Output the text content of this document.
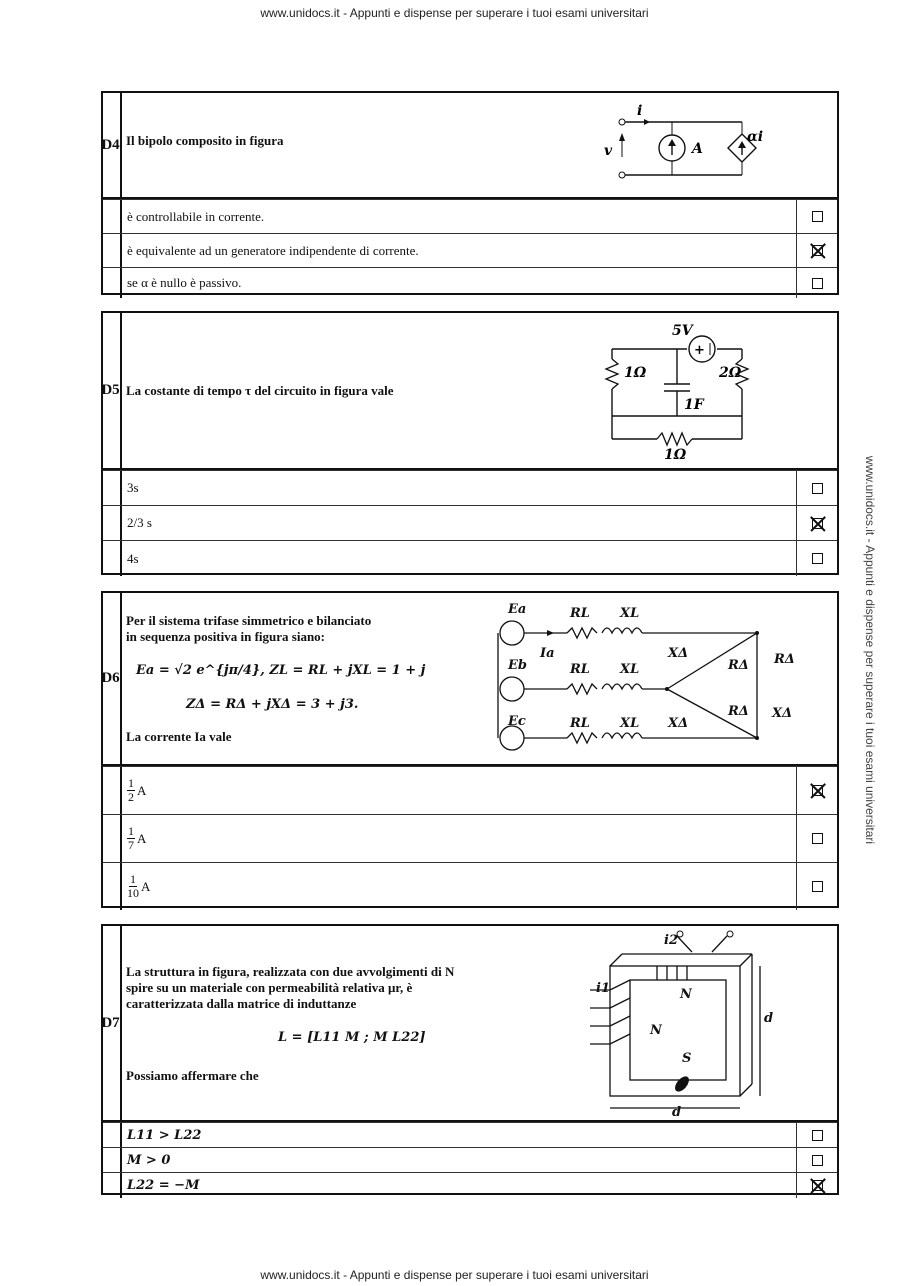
www.unidocs.it - Appunti e dispense per superare i tuoi esami universitari
www.unidocs.it - Appunti e dispense per superare i tuoi esami universitari
D4 Il bipolo composito in figura
i
v	A
αi
è controllabile in corrente.
è equivalente ad un generatore indipendente di corrente.
se α è nullo è passivo.
D5 La costante di tempo τ del circuito in figura vale
+
5V
1Ω	2Ω
1F
1Ω
3s
2/3 s
4s
D6
Per il sistema trifase simmetrico e bilanciato
in sequenza positiva in figura siano:
Ea = √2 e^{jπ/4}, ZL = RL + jXL = 1 + j
ZΔ = RΔ + jXΔ = 3 + j3.
La corrente Ia vale
Ea
Eb
Ec
Ia
RL
RL
RL
XL
XL
XL
XΔ
XΔ
RΔ
RΔ
RΔ
XΔ
$\frac{1}{2}$ A
$\frac{1}{7}$ A
$\frac{1}{10}$ A
D7
La struttura in figura, realizzata con due avvolgimenti di N
spire su un materiale con permeabilità relativa μr, è
caratterizzata dalla matrice di induttanze
L = [L11 M ; M L22]
Possiamo affermare che
i2
i1	N
N
S
d
d
L11 > L22
M > 0
L22 = −M
www.unidocs.it - Appunti e dispense per superare i tuoi esami universitari
